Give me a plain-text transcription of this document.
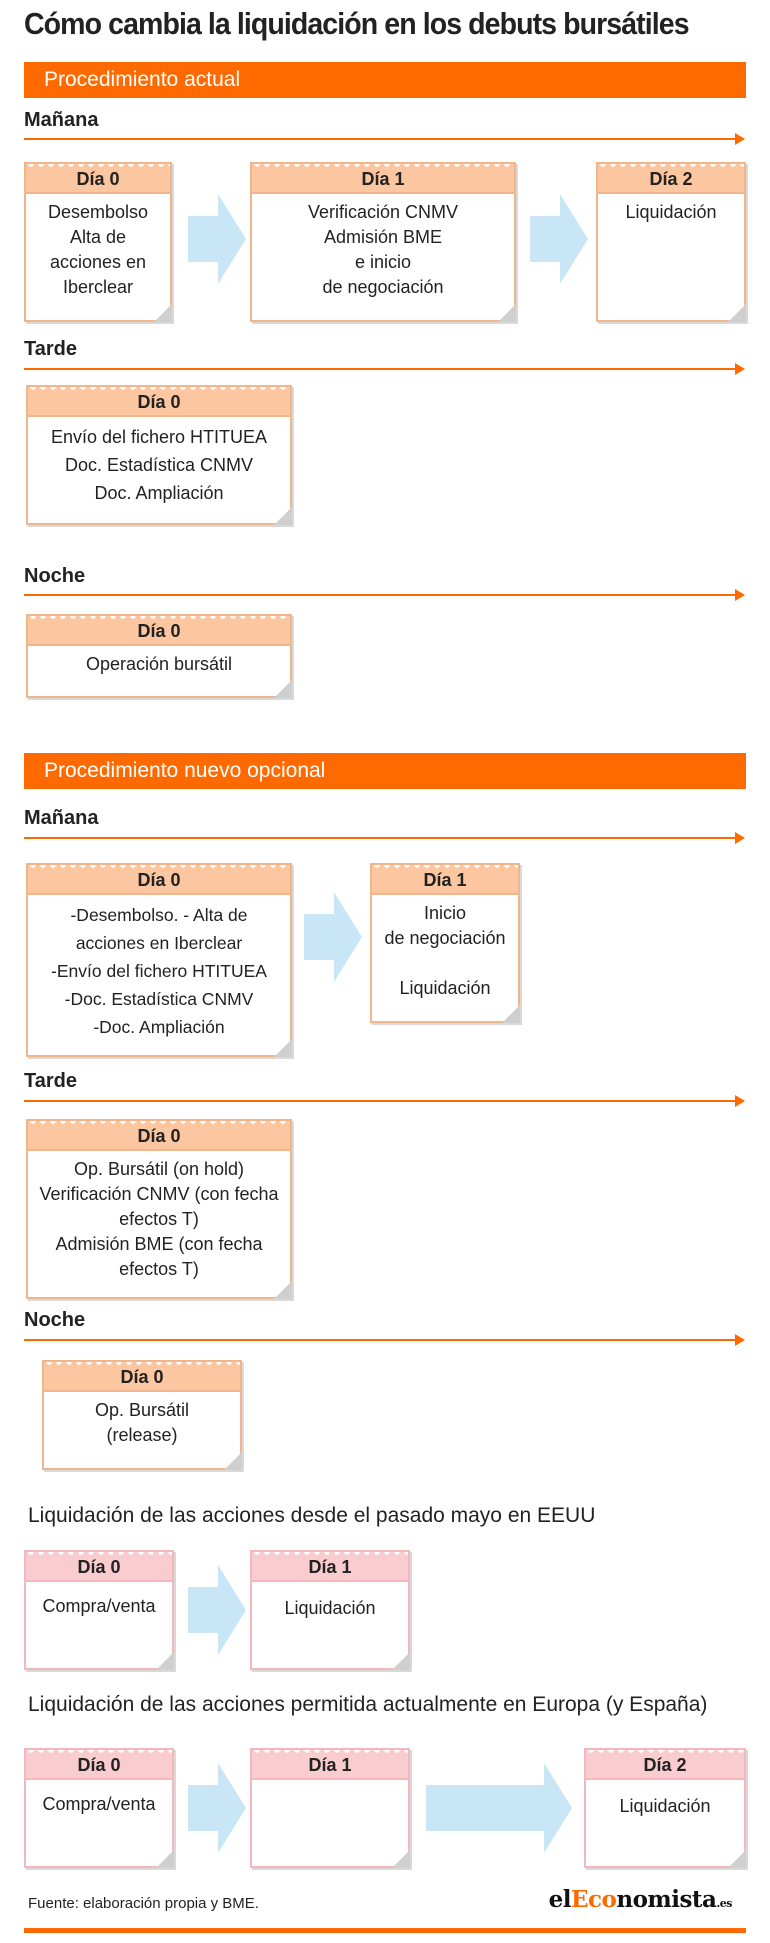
Cómo cambia la liquidación en los debuts bursátiles
Procedimiento actual
Mañana
Día 0
Desembolso
Alta de
acciones en
Iberclear
Día 1
Verificación CNMV
Admisión BME
e inicio
de negociación
Día 2
Liquidación
Tarde
Día 0
Envío del fichero HTITUEA
Doc. Estadística CNMV
Doc. Ampliación
Noche
Día 0
Operación bursátil
Procedimiento nuevo opcional
Mañana
Día 0
-Desembolso. - Alta de
acciones en Iberclear
-Envío del fichero HTITUEA
-Doc. Estadística CNMV
-Doc. Ampliación
Día 1
Inicio
de negociación
Liquidación
Tarde
Día 0
Op. Bursátil (on hold)
Verificación CNMV (con fecha
efectos T)
Admisión BME (con fecha
efectos T)
Noche
Día 0
Op. Bursátil
(release)
Liquidación de las acciones desde el pasado mayo en EEUU
Día 0
Compra/venta
Día 1
Liquidación
Liquidación de las acciones permitida actualmente en Europa (y España)
Día 0
Compra/venta
Día 1	Día 2
Liquidación
Fuente: elaboración propia y BME.	elEconomista.es
